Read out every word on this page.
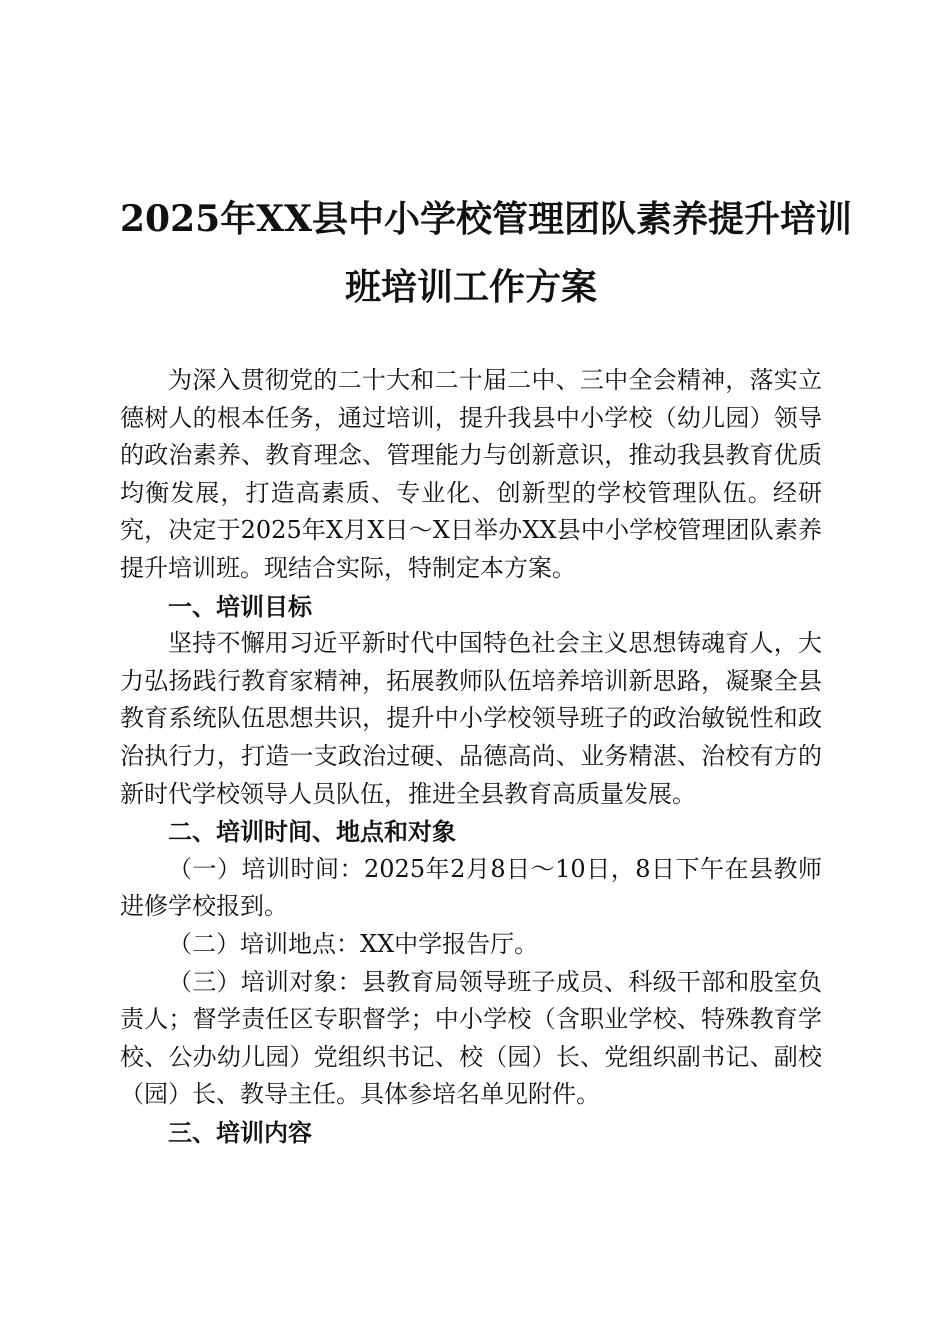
2025年XX县中小学校管理团队素养提升培训
班培训工作方案

为深入贯彻党的二十大和二十届二中、三中全会精神，落实立德树人的根本任务，通过培训，提升我县中小学校（幼儿园）领导的政治素养、教育理念、管理能力与创新意识，推动我县教育优质均衡发展，打造高素质、专业化、创新型的学校管理队伍。经研究，决定于2025年X月X日～X日举办XX县中小学校管理团队素养提升培训班。现结合实际，特制定本方案。

一、培训目标

坚持不懈用习近平新时代中国特色社会主义思想铸魂育人，大力弘扬践行教育家精神，拓展教师队伍培养培训新思路，凝聚全县教育系统队伍思想共识，提升中小学校领导班子的政治敏锐性和政治执行力，打造一支政治过硬、品德高尚、业务精湛、治校有方的新时代学校领导人员队伍，推进全县教育高质量发展。

二、培训时间、地点和对象

（一）培训时间：2025年2月8日～10日，8日下午在县教师进修学校报到。

（二）培训地点：XX中学报告厅。

（三）培训对象：县教育局领导班子成员、科级干部和股室负责人；督学责任区专职督学；中小学校（含职业学校、特殊教育学校、公办幼儿园）党组织书记、校（园）长、党组织副书记、副校（园）长、教导主任。具体参培名单见附件。

三、培训内容
